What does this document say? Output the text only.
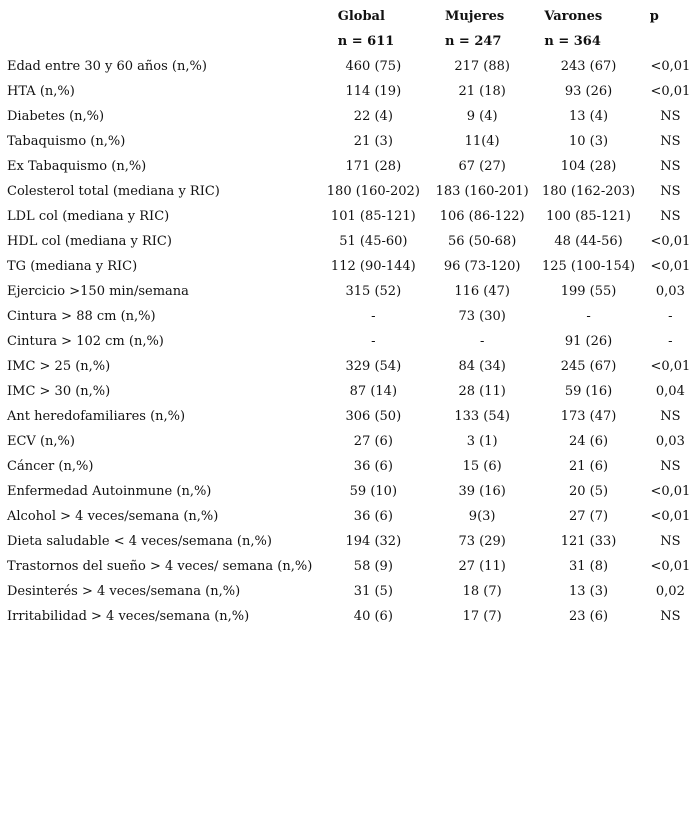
	Global	Mujeres	Varones	p
	n = 611	n = 247	n = 364	
Edad entre 30 y 60 años (n,%)	460 (75)	217 (88)	243 (67)	<0,01
HTA (n,%)	114 (19)	21 (18)	93 (26)	<0,01
Diabetes (n,%)	22 (4)	9 (4)	13 (4)	NS
Tabaquismo (n,%)	21 (3)	11(4)	10 (3)	NS
Ex Tabaquismo (n,%)	171 (28)	67 (27)	104 (28)	NS
Colesterol total (mediana y RIC)	180 (160-202)	183 (160-201)	180 (162-203)	NS
LDL col (mediana y RIC)	101 (85-121)	106 (86-122)	100 (85-121)	NS
HDL col (mediana y RIC)	51 (45-60)	56 (50-68)	48 (44-56)	<0,01
TG (mediana y RIC)	112 (90-144)	96 (73-120)	125 (100-154)	<0,01
Ejercicio >150 min/semana	315 (52)	116 (47)	199 (55)	0,03
Cintura > 88 cm (n,%)	-	73 (30)	-	-
Cintura > 102 cm (n,%)	-	-	91 (26)	-
IMC > 25 (n,%)	329 (54)	84 (34)	245 (67)	<0,01
IMC > 30 (n,%)	87 (14)	28 (11)	59 (16)	0,04
Ant heredofamiliares (n,%)	306 (50)	133 (54)	173 (47)	NS
ECV (n,%)	27 (6)	3 (1)	24 (6)	0,03
Cáncer (n,%)	36 (6)	15 (6)	21 (6)	NS
Enfermedad Autoinmune (n,%)	59 (10)	39 (16)	20 (5)	<0,01
Alcohol > 4 veces/semana (n,%)	36 (6)	9(3)	27 (7)	<0,01
Dieta saludable < 4 veces/semana (n,%)	194 (32)	73 (29)	121 (33)	NS
Trastornos del sueño > 4 veces/ semana (n,%)	58 (9)	27 (11)	31 (8)	<0,01
Desinterés > 4 veces/semana (n,%)	31 (5)	18 (7)	13 (3)	0,02
Irritabilidad > 4 veces/semana (n,%)	40 (6)	17 (7)	23 (6)	NS
